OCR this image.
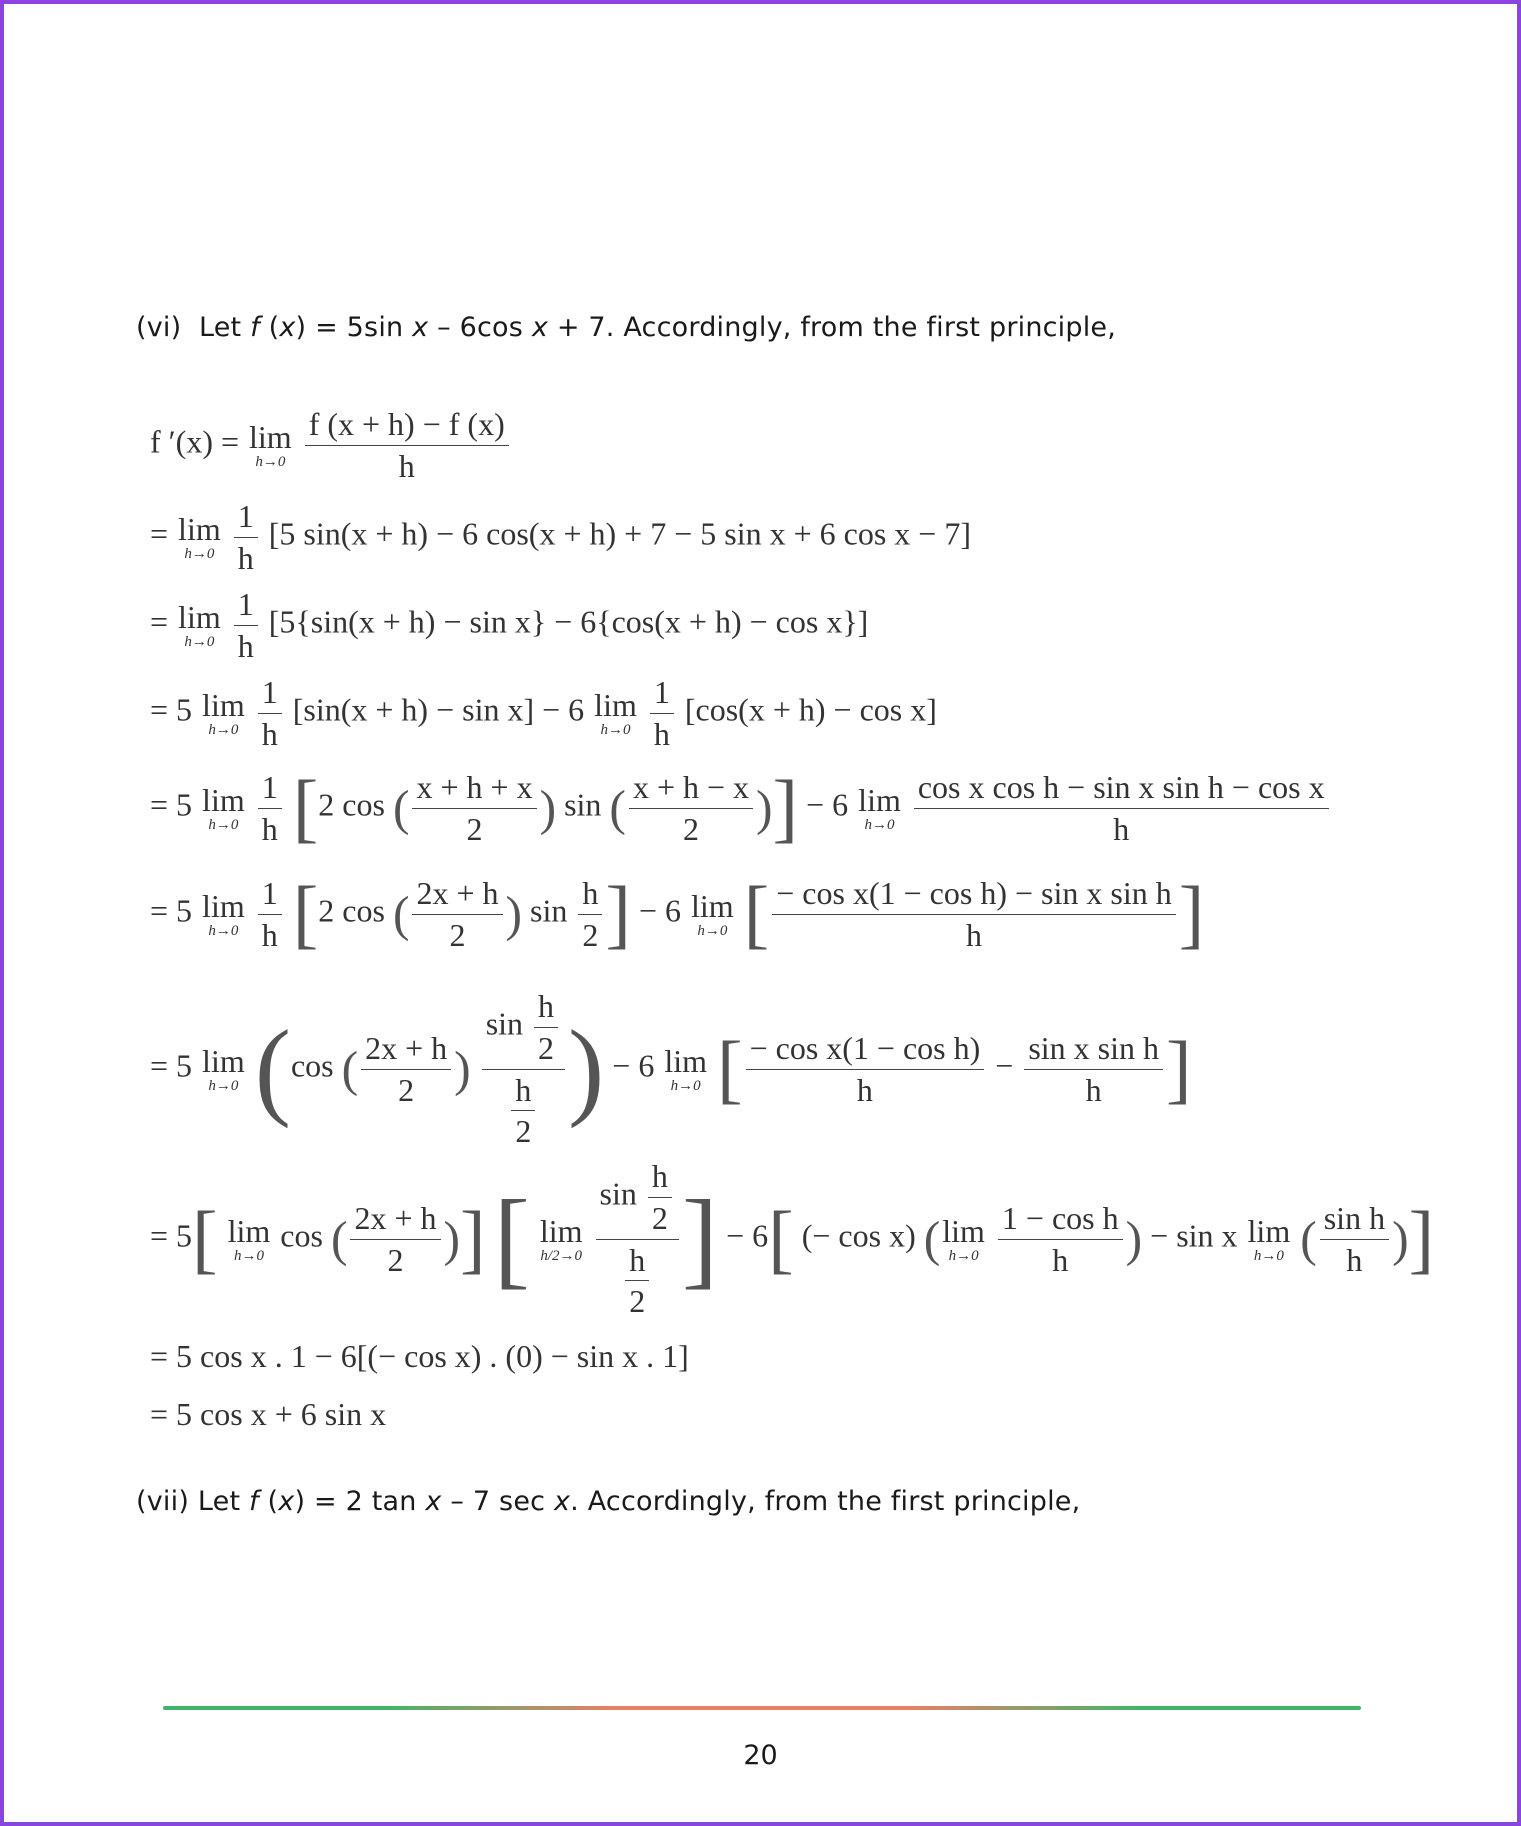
(vi) Let f (x) = 5sin x – 6cos x + 7. Accordingly, from the first principle,
f ′(x) = lim
h→0
$\frac{f (x + h) - f (x)}{h}$
= lim
h→0
$\frac{1}{h} [5$ sin(x + h) − 6 cos(x + h) + 7 − 5 sin x + 6 cos x − 7]
= lim
h→0
$\frac{1}{h} [5\{\sin(x + h) - \sin x\} - 6\{\cos(x + h) - \cos x\}]$
= 5 lim
h→0
$\frac{1}{h} [\sin(x + h) - \sin x] - 6$ lim
h→0
$\frac{1}{h} [\cos(x + h) - \cos x]$
= 5 lim
h→0
$\frac{1}{h} [2$ cos ( $\frac{x + h + x}{2}$ ) sin ( $\frac{x + h - x}{2}$ )] − 6 lim
h→0
$\frac{\text{cos x cos h − sin x sin h − cos x}}{h}$
= 5 lim
h→0
$\frac{1}{h} [2$ cos ( $\frac{2x + h}{2}$ ) $\sin \frac{h}{2}$ ] − 6 lim
h→0 [ $\frac{\text{− cos x(1 − cos h) − sin x sin h}}{h}$ ]
= 5 lim
h→0 (cos ( $\frac{2x + h}{2}$ ) $\frac{\sin \frac{h}{2}}{\frac{h}{2}}$ ) − 6 lim
h→0 [ $\frac{\text{− cos x(1 − cos h)}}{h} - \frac{\text{sin x sin h}}{h}$ ]
= 5[ lim
h→0
cos ( $\frac{2x + h}{2}$ )] [ lim
h/2→0
$\frac{\sin \frac{h}{2}}{\frac{h}{2}}$ ] − 6[ (− cos x) ( lim
h→0
$\frac{\text{1 − cos h}}{h}$ ) − sin x lim
h→0 ( $\frac{\text{sin h}}{h}$ )]
= 5 cos x . 1 − 6[(− cos x) . (0) − sin x . 1]
= 5 cos x + 6 sin x
(vii) Let f (x) = 2 tan x – 7 sec x. Accordingly, from the first principle,
20
